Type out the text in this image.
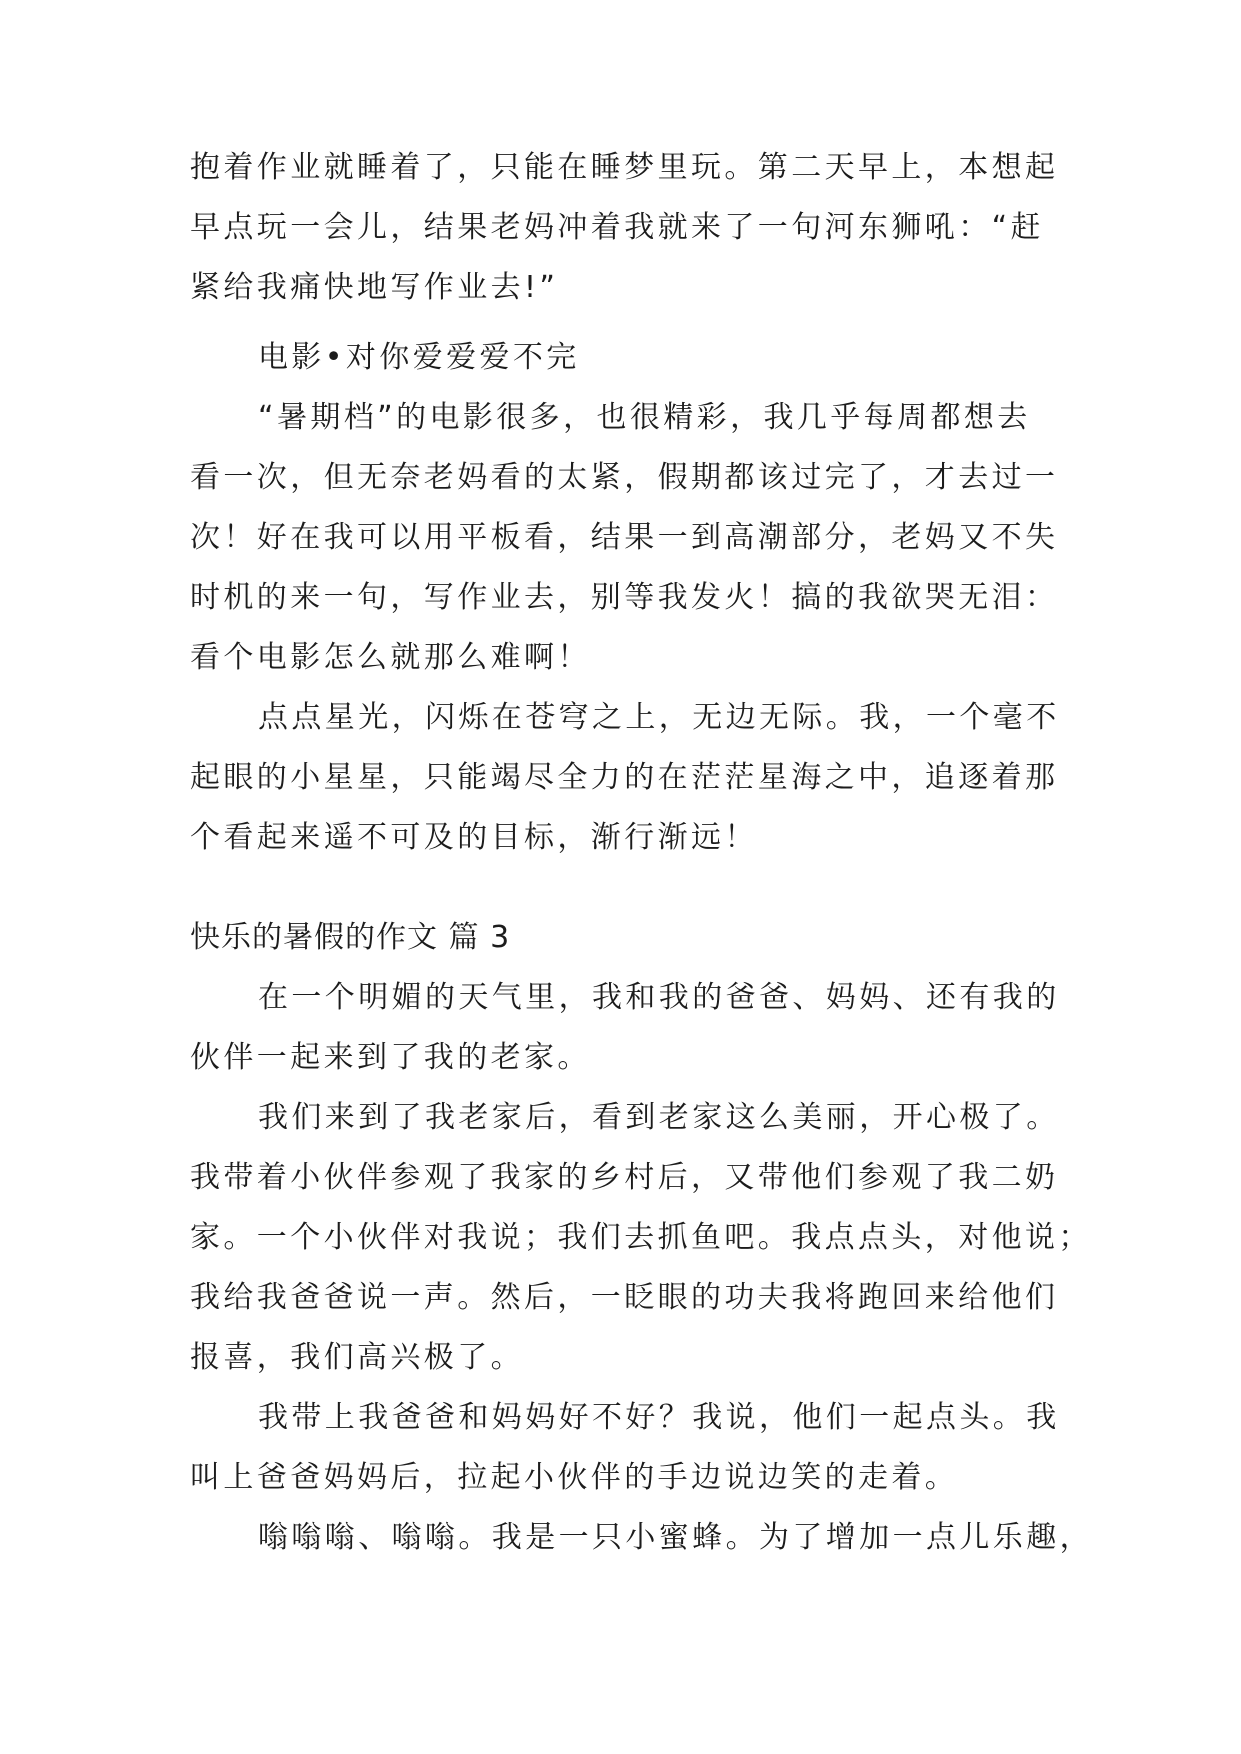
抱着作业就睡着了，只能在睡梦里玩。第二天早上，本想起
早点玩一会儿，结果老妈冲着我就来了一句河东狮吼：“赶
紧给我痛快地写作业去!”
电影•对你爱爱爱不完
“暑期档”的电影很多，也很精彩，我几乎每周都想去
看一次，但无奈老妈看的太紧，假期都该过完了，才去过一
次！好在我可以用平板看，结果一到高潮部分，老妈又不失
时机的来一句，写作业去，别等我发火！搞的我欲哭无泪：
看个电影怎么就那么难啊！
点点星光，闪烁在苍穹之上，无边无际。我，一个毫不
起眼的小星星，只能竭尽全力的在茫茫星海之中，追逐着那
个看起来遥不可及的目标，渐行渐远！
快乐的暑假的作文 篇 3
在一个明媚的天气里，我和我的爸爸、妈妈、还有我的
伙伴一起来到了我的老家。
我们来到了我老家后，看到老家这么美丽，开心极了。
我带着小伙伴参观了我家的乡村后，又带他们参观了我二奶
家。一个小伙伴对我说；我们去抓鱼吧。我点点头，对他说；
我给我爸爸说一声。然后，一眨眼的功夫我将跑回来给他们
报喜，我们高兴极了。
我带上我爸爸和妈妈好不好？我说，他们一起点头。我
叫上爸爸妈妈后，拉起小伙伴的手边说边笑的走着。
嗡嗡嗡、嗡嗡。我是一只小蜜蜂。为了增加一点儿乐趣，
